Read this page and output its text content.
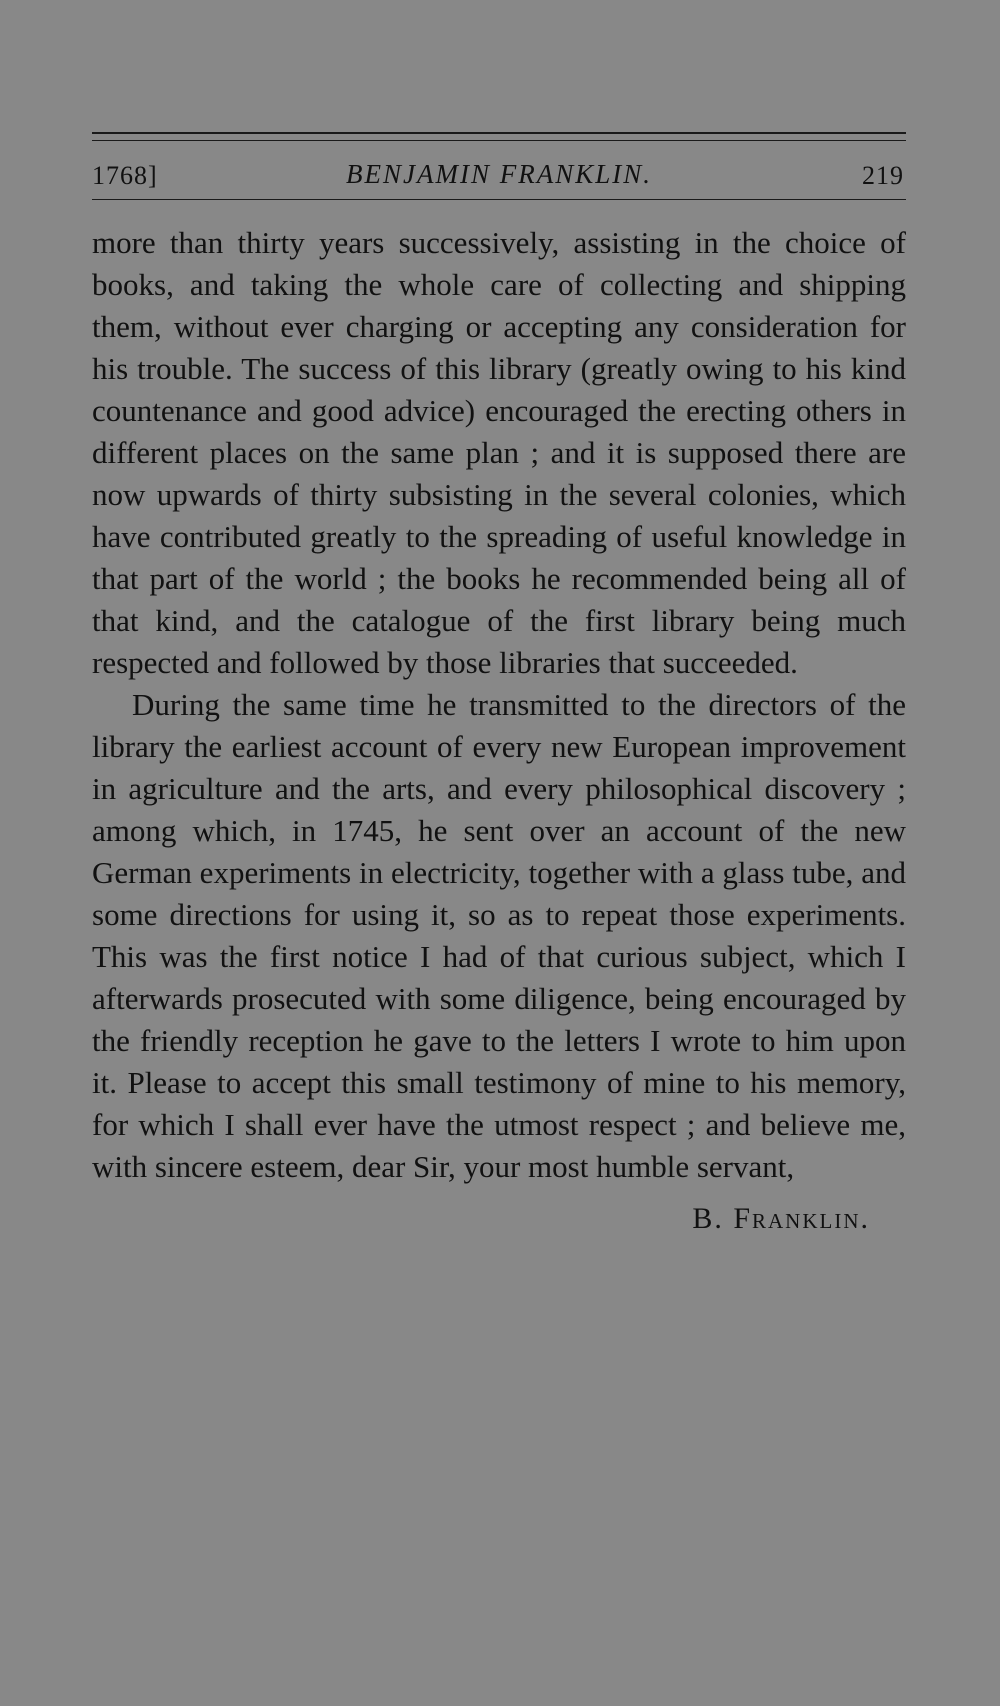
1768]	BENJAMIN FRANKLIN.	219

more than thirty years successively, assisting in the choice of books, and taking the whole care of collecting and shipping them, without ever charging or accepting any consideration for his trouble. The success of this library (greatly owing to his kind countenance and good advice) encouraged the erecting others in different places on the same plan ; and it is supposed there are now upwards of thirty subsisting in the several colonies, which have contributed greatly to the spreading of useful knowledge in that part of the world ; the books he recommended being all of that kind, and the catalogue of the first library being much respected and followed by those libraries that succeeded.

During the same time he transmitted to the directors of the library the earliest account of every new European improvement in agriculture and the arts, and every philosophical discovery ; among which, in 1745, he sent over an account of the new German experiments in electricity, together with a glass tube, and some directions for using it, so as to repeat those experiments. This was the first notice I had of that curious subject, which I afterwards prosecuted with some diligence, being encouraged by the friendly reception he gave to the letters I wrote to him upon it. Please to accept this small testimony of mine to his memory, for which I shall ever have the utmost respect ; and believe me, with sincere esteem, dear Sir, your most humble servant,

B. Franklin.
